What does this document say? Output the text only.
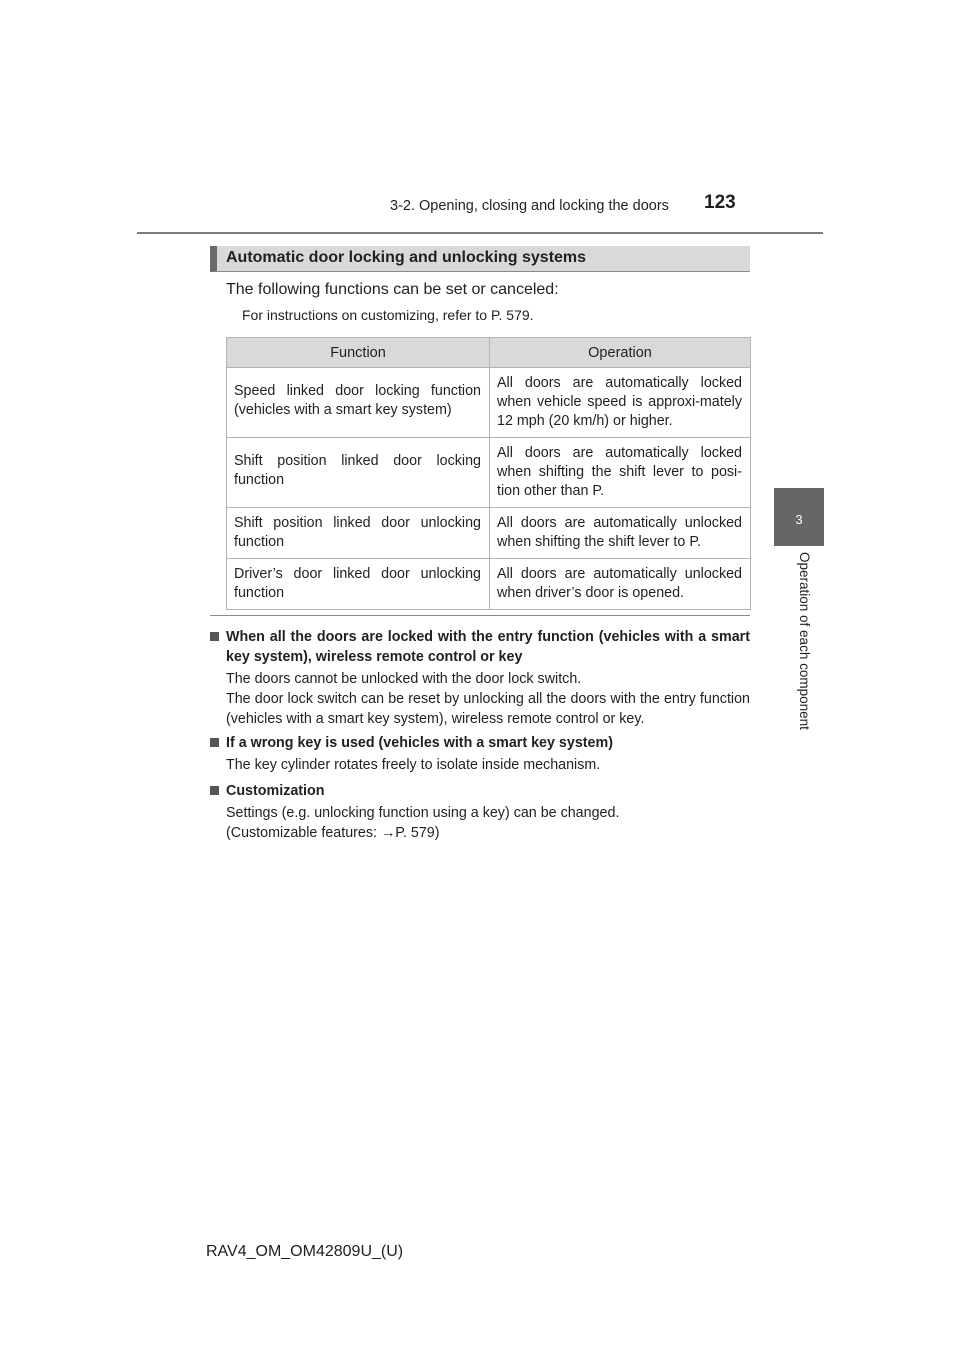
3-2. Opening, closing and locking the doors 123
3
Operation of each component
Automatic door locking and unlocking systems
The following functions can be set or canceled:
For instructions on customizing, refer to P. 579.
Function	Operation
Speed linked door locking function (vehicles with a smart key system)	All doors are automatically locked when vehicle speed is approxi-mately 12 mph (20 km/h) or higher.
Shift position linked door locking function	All doors are automatically locked when shifting the shift lever to posi-tion other than P.
Shift position linked door unlocking function	All doors are automatically unlocked when shifting the shift lever to P.
Driver’s door linked door unlocking function	All doors are automatically unlocked when driver’s door is opened.
When all the doors are locked with the entry function (vehicles with a smart key system), wireless remote control or key
The doors cannot be unlocked with the door lock switch.
The door lock switch can be reset by unlocking all the doors with the entry function (vehicles with a smart key system), wireless remote control or key.
If a wrong key is used (vehicles with a smart key system)
The key cylinder rotates freely to isolate inside mechanism.
Customization
Settings (e.g. unlocking function using a key) can be changed.
(Customizable features: →P. 579)
RAV4_OM_OM42809U_(U)
